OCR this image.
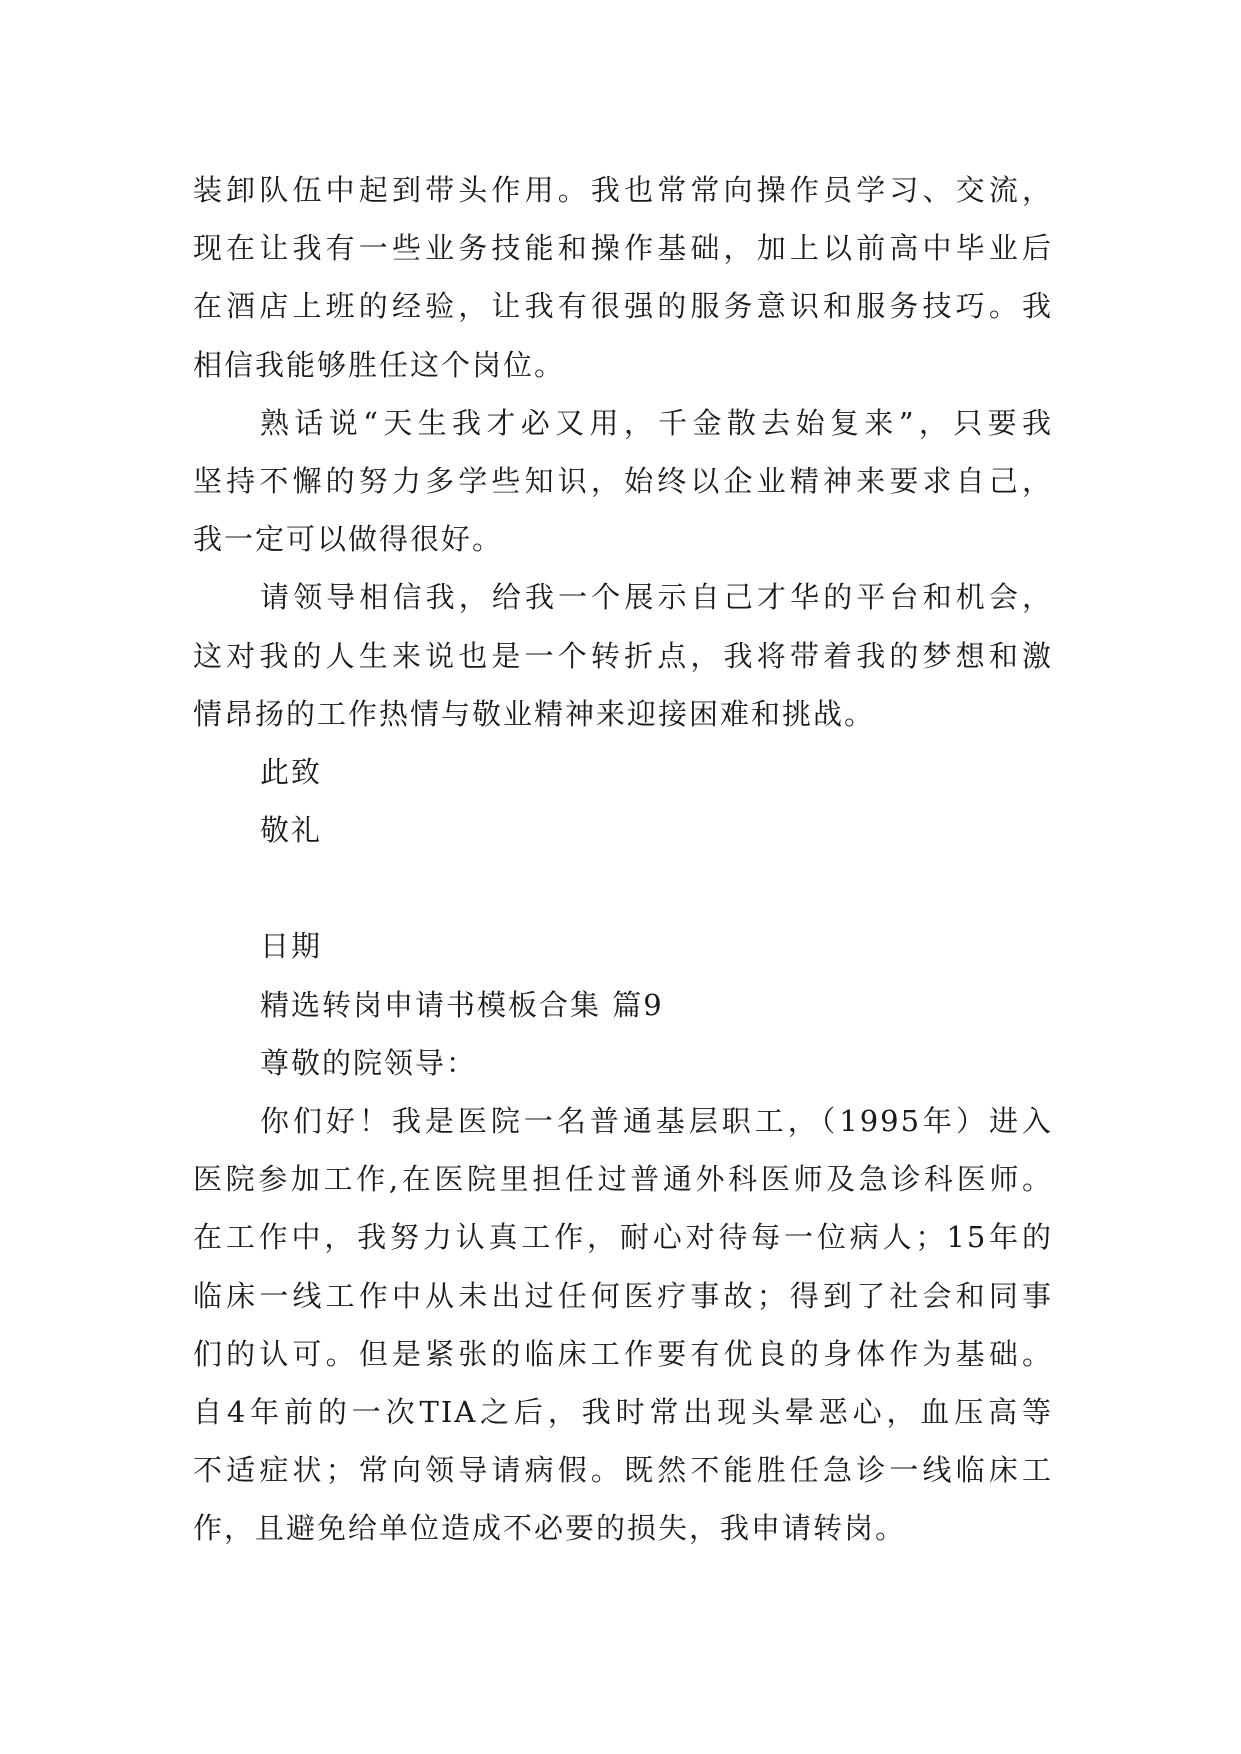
装卸队伍中起到带头作用。我也常常向操作员学习、交流，
现在让我有一些业务技能和操作基础，加上以前高中毕业后
在酒店上班的经验，让我有很强的服务意识和服务技巧。我
相信我能够胜任这个岗位。
熟话说“天生我才必又用，千金散去始复来”，只要我
坚持不懈的努力多学些知识，始终以企业精神来要求自己，
我一定可以做得很好。
请领导相信我，给我一个展示自己才华的平台和机会，
这对我的人生来说也是一个转折点，我将带着我的梦想和激
情昂扬的工作热情与敬业精神来迎接困难和挑战。
此致
敬礼
日期
精选转岗申请书模板合集 篇9
尊敬的院领导：
你们好！我是医院一名普通基层职工，（1995年）进入
医院参加工作,在医院里担任过普通外科医师及急诊科医师。
在工作中，我努力认真工作，耐心对待每一位病人；15年的
临床一线工作中从未出过任何医疗事故；得到了社会和同事
们的认可。但是紧张的临床工作要有优良的身体作为基础。
自4年前的一次TIA之后，我时常出现头晕恶心，血压高等
不适症状；常向领导请病假。既然不能胜任急诊一线临床工
作，且避免给单位造成不必要的损失，我申请转岗。
